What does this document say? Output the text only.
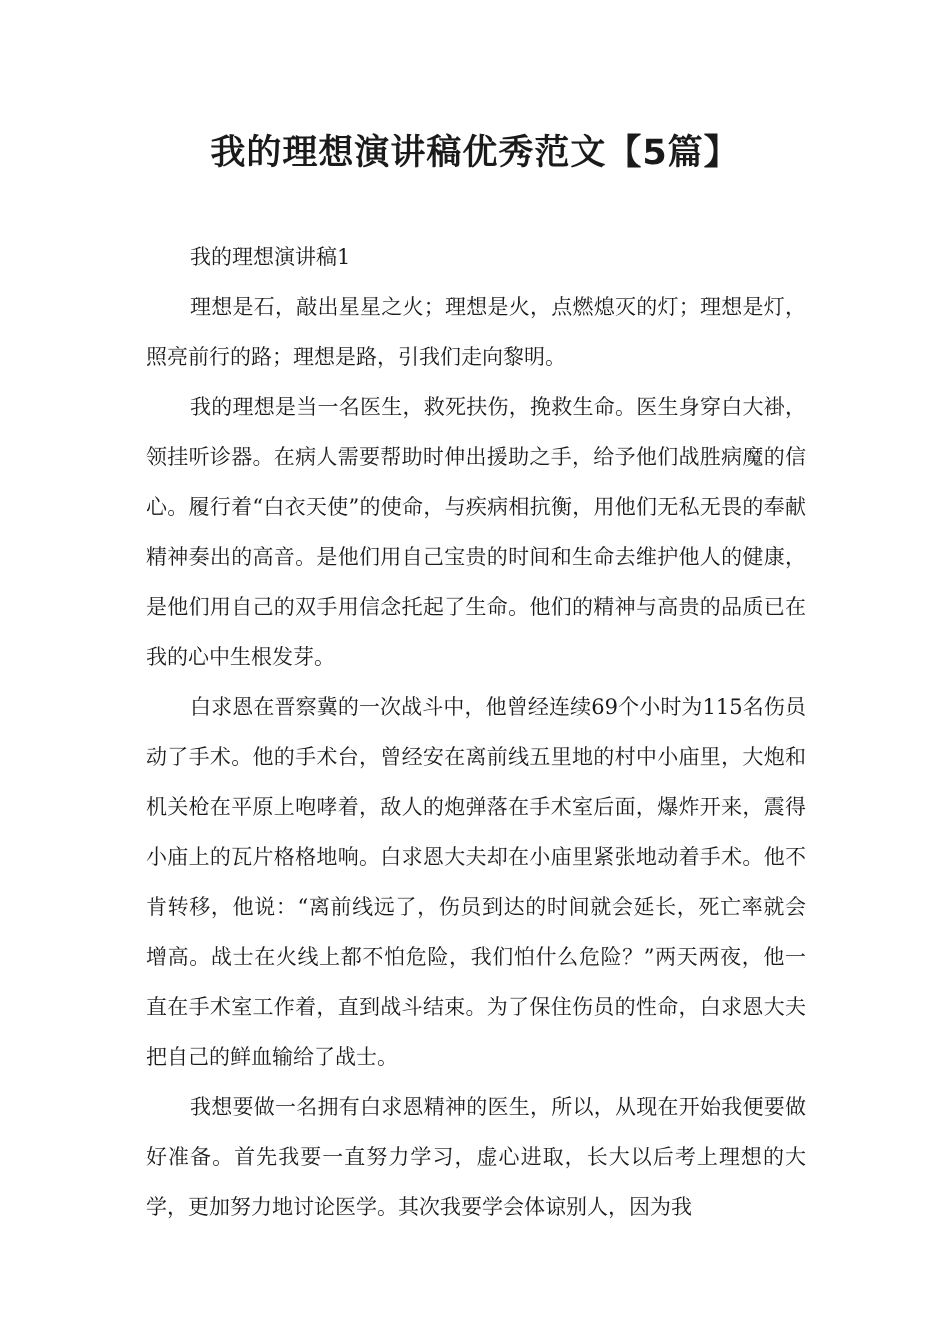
我的理想演讲稿优秀范文【5篇】

我的理想演讲稿1

理想是石，敲出星星之火；理想是火，点燃熄灭的灯；理想是灯，照亮前行的路；理想是路，引我们走向黎明。

我的理想是当一名医生，救死扶伤，挽救生命。医生身穿白大褂，领挂听诊器。在病人需要帮助时伸出援助之手，给予他们战胜病魔的信心。履行着“白衣天使”的使命，与疾病相抗衡，用他们无私无畏的奉献精神奏出的高音。是他们用自己宝贵的时间和生命去维护他人的健康，是他们用自己的双手用信念托起了生命。他们的精神与高贵的品质已在我的心中生根发芽。

白求恩在晋察冀的一次战斗中，他曾经连续69个小时为115名伤员动了手术。他的手术台，曾经安在离前线五里地的村中小庙里，大炮和机关枪在平原上咆哮着，敌人的炮弹落在手术室后面，爆炸开来，震得小庙上的瓦片格格地响。白求恩大夫却在小庙里紧张地动着手术。他不肯转移，他说：“离前线远了，伤员到达的时间就会延长，死亡率就会增高。战士在火线上都不怕危险，我们怕什么危险？”两天两夜，他一直在手术室工作着，直到战斗结束。为了保住伤员的性命，白求恩大夫把自己的鲜血输给了战士。

我想要做一名拥有白求恩精神的医生，所以，从现在开始我便要做好准备。首先我要一直努力学习，虚心进取，长大以后考上理想的大学，更加努力地讨论医学。其次我要学会体谅别人，因为我
